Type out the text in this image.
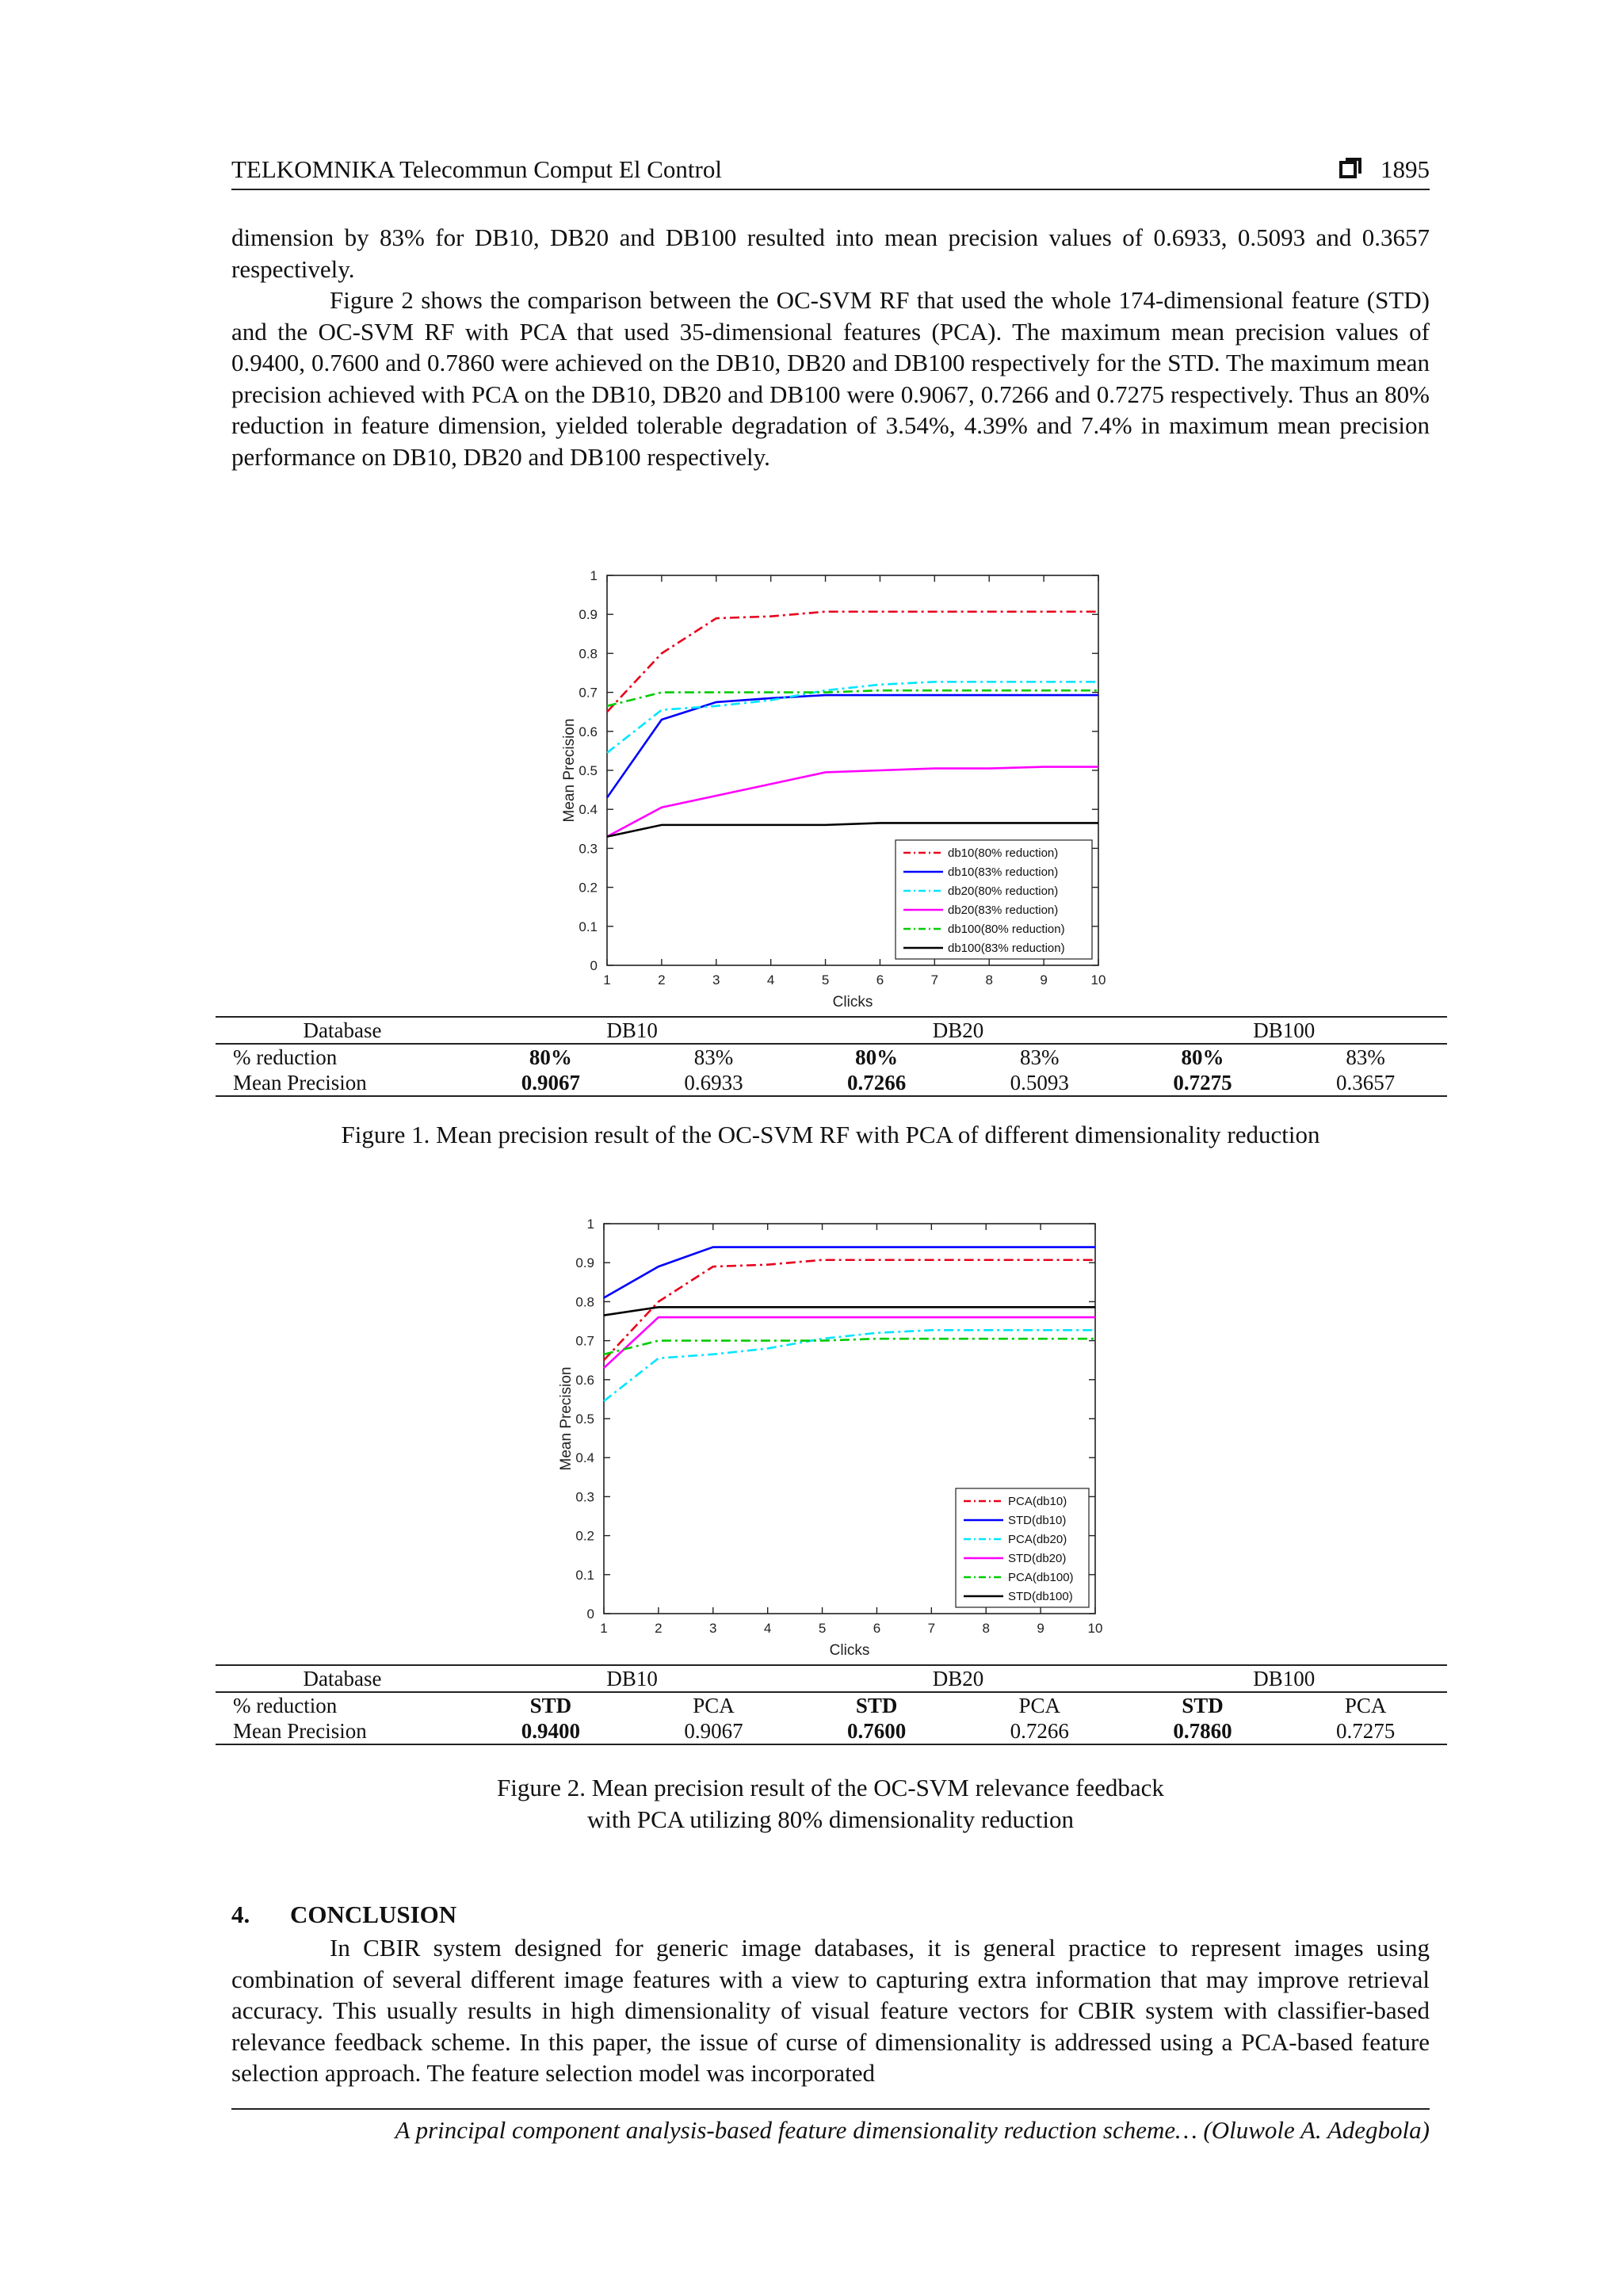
TELKOMNIKA Telecommun Comput El Control	1895

dimension by 83% for DB10, DB20 and DB100 resulted into mean precision values of 0.6933, 0.5093 and 0.3657 respectively.

Figure 2 shows the comparison between the OC-SVM RF that used the whole 174-dimensional feature (STD) and the OC-SVM RF with PCA that used 35-dimensional features (PCA). The maximum mean precision values of 0.9400, 0.7600 and 0.7860 were achieved on the DB10, DB20 and DB100 respectively for the STD. The maximum mean precision achieved with PCA on the DB10, DB20 and DB100 were 0.9067, 0.7266 and 0.7275 respectively. Thus an 80% reduction in feature dimension, yielded tolerable degradation of 3.54%, 4.39% and 7.4% in maximum mean precision performance on DB10, DB20 and DB100 respectively.

0
0.1
0.2
0.3
0.4
0.5
0.6
0.7
0.8
0.9
1
1	2	3	4	5	6	7	8	9	10
Clicks
Mean Precision
db10(80% reduction)
db10(83% reduction)
db20(80% reduction)
db20(83% reduction)
db100(80% reduction)
db100(83% reduction)
Database	DB10		DB20		DB100	
% reduction	80%	83%	80%	83%	80%	83%
Mean Precision	0.9067	0.6933	0.7266	0.5093	0.7275	0.3657
Figure 1. Mean precision result of the OC-SVM RF with PCA of different dimensionality reduction
0
0.1
0.2
0.3
0.4
0.5
0.6
0.7
0.8
0.9
1
1	2	3	4	5	6	7	8	9	10
Clicks
Mean Precision
PCA(db10)
STD(db10)
PCA(db20)
STD(db20)
PCA(db100)
STD(db100)
Database	DB10		DB20		DB100	
% reduction	STD	PCA	STD	PCA	STD	PCA
Mean Precision	0.9400	0.9067	0.7600	0.7266	0.7860	0.7275
Figure 2. Mean precision result of the OC-SVM relevance feedback
with PCA utilizing 80% dimensionality reduction
4. CONCLUSION

In CBIR system designed for generic image databases, it is general practice to represent images using combination of several different image features with a view to capturing extra information that may improve retrieval accuracy. This usually results in high dimensionality of visual feature vectors for CBIR system with classifier-based relevance feedback scheme. In this paper, the issue of curse of dimensionality is addressed using a PCA-based feature selection approach. The feature selection model was incorporated

A principal component analysis-based feature dimensionality reduction scheme… (Oluwole A. Adegbola)
